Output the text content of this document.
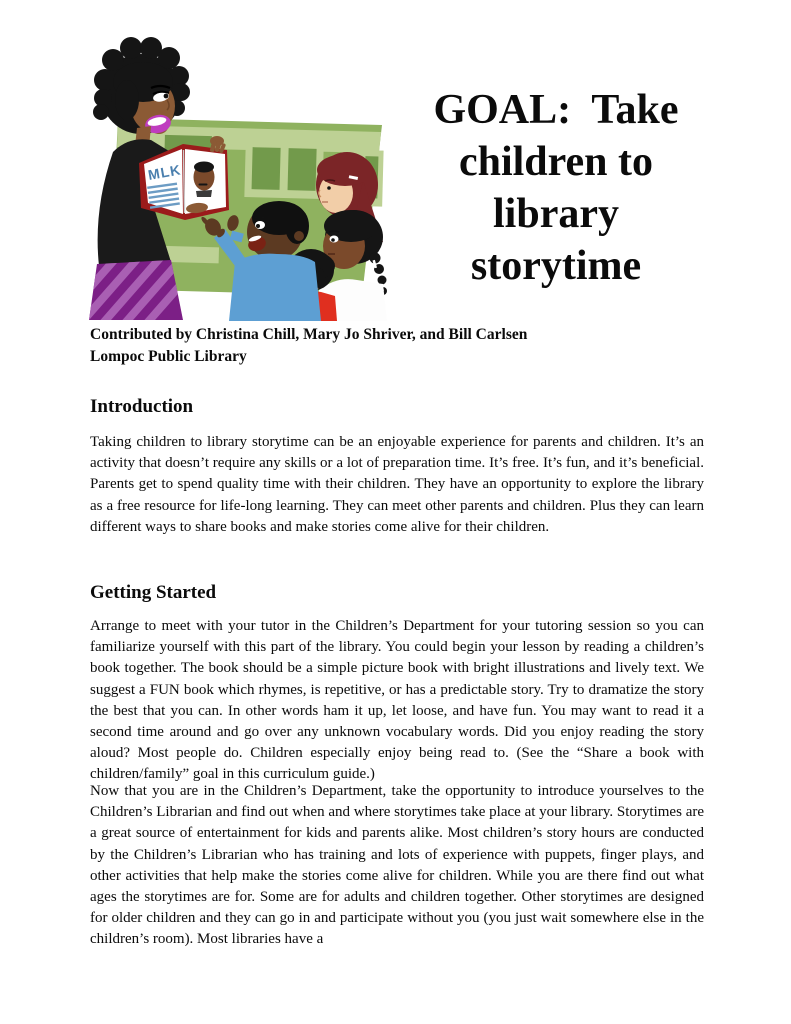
MLK
GOAL:  Take
children to
library
storytime
Contributed by Christina Chill, Mary Jo Shriver, and Bill Carlsen
Lompoc Public Library
Introduction

Taking children to library storytime can be an enjoyable experience for parents and children. It’s an activity that doesn’t require any skills or a lot of preparation time. It’s free. It’s fun, and it’s beneficial. Parents get to spend quality time with their children. They have an opportunity to explore the library as a free resource for life-long learning. They can meet other parents and children. Plus they can learn different ways to share books and make stories come alive for their children.

Getting Started

Arrange to meet with your tutor in the Children’s Department for your tutoring session so you can familiarize yourself with this part of the library. You could begin your lesson by reading a children’s book together. The book should be a simple picture book with bright illustrations and lively text. We suggest a FUN book which rhymes, is repetitive, or has a predictable story. Try to dramatize the story the best that you can. In other words ham it up, let loose, and have fun. You may want to read it a second time around and go over any unknown vocabulary words. Did you enjoy reading the story aloud? Most people do. Children especially enjoy being read to. (See the “Share a book with children/family” goal in this curriculum guide.)

Now that you are in the Children’s Department, take the opportunity to introduce yourselves to the Children’s Librarian and find out when and where storytimes take place at your library. Storytimes are a great source of entertainment for kids and parents alike. Most children’s story hours are conducted by the Children’s Librarian who has training and lots of experience with puppets, finger plays, and other activities that help make the stories come alive for children. While you are there find out what ages the storytimes are for. Some are for adults and children together. Other storytimes are designed for older children and they can go in and participate without you (you just wait somewhere else in the children’s room). Most libraries have a
